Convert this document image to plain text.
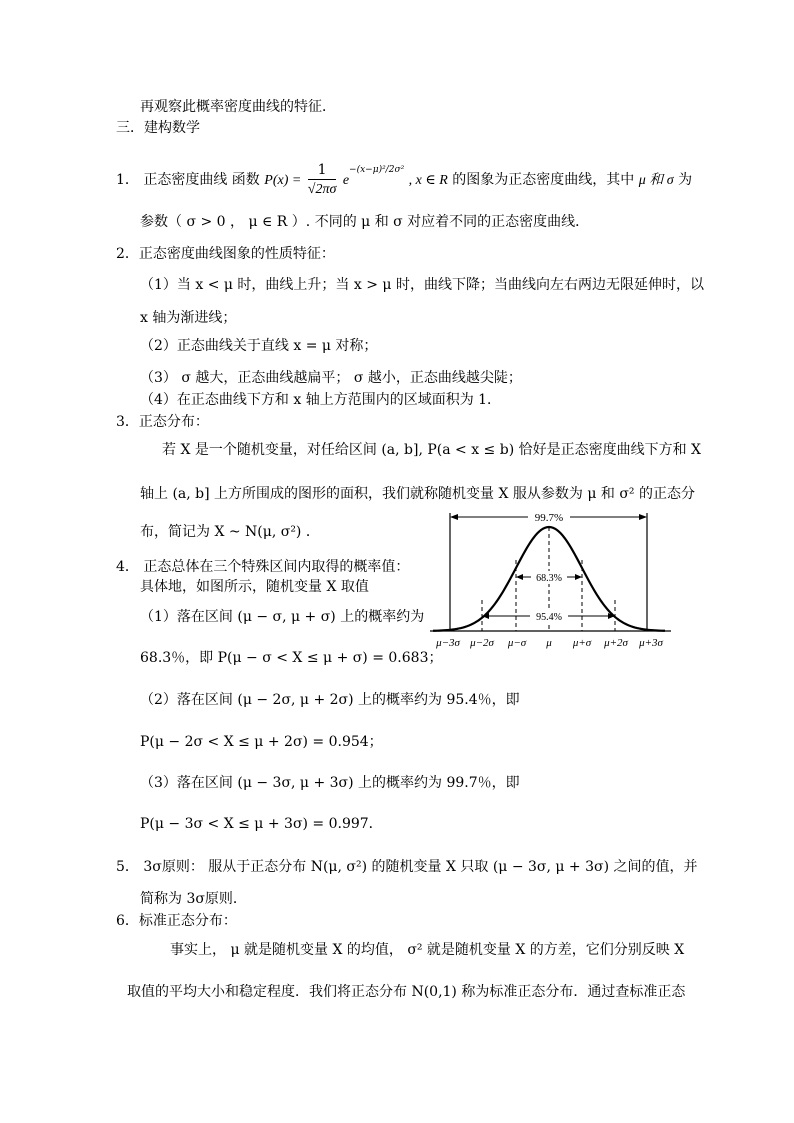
再观察此概率密度曲线的特征．
三．建构数学
1． 正态密度曲线 函数 $P(x) = \frac{1}{√2\pi\sigma} e^{-(x-\mu)^2/2\sigma^2}$ , x ∈ R 的图象为正态密度曲线，其中 μ 和 σ 为
参数（ σ > 0 ， μ ∈ R ）. 不同的 μ 和 σ 对应着不同的正态密度曲线．
2．正态密度曲线图象的性质特征：
（1）当 x < μ 时，曲线上升；当 x > μ 时，曲线下降；当曲线向左右两边无限延伸时，以
x 轴为渐进线；
（2）正态曲线关于直线 x = μ 对称；
（3） σ 越大，正态曲线越扁平； σ 越小，正态曲线越尖陡；
（4）在正态曲线下方和 x 轴上方范围内的区域面积为 1．
3．正态分布：
若 X 是一个随机变量，对任给区间 (a, b], P(a < x ≤ b) 恰好是正态密度曲线下方和 X
轴上 (a, b] 上方所围成的图形的面积，我们就称随机变量 X 服从参数为 μ 和 σ² 的正态分
布，简记为 X ~ N(μ, σ²) ．
4． 正态总体在三个特殊区间内取得的概率值：
具体地，如图所示，随机变量 X 取值
（1）落在区间 (μ − σ, μ + σ) 上的概率约为
68.3％，即 P(μ − σ < X ≤ μ + σ) = 0.683；
（2）落在区间 (μ − 2σ, μ + 2σ) 上的概率约为 95.4％，即
P(μ − 2σ < X ≤ μ + 2σ) = 0.954；
（3）落在区间 (μ − 3σ, μ + 3σ) 上的概率约为 99.7％，即
P(μ − 3σ < X ≤ μ + 3σ) = 0.997．
5． 3σ原则： 服从于正态分布 N(μ, σ²) 的随机变量 X 只取 (μ − 3σ, μ + 3σ) 之间的值，并
简称为 3σ原则．
6．标准正态分布：
事实上， μ 就是随机变量 X 的均值， σ² 就是随机变量 X 的方差，它们分别反映 X
取值的平均大小和稳定程度．我们将正态分布 N(0,1) 称为标准正态分布．通过查标准正态
99.7%
68.3%
95.4%
μ−3σ μ−2σ μ−σ μ μ+σ μ+2σ μ+3σ
